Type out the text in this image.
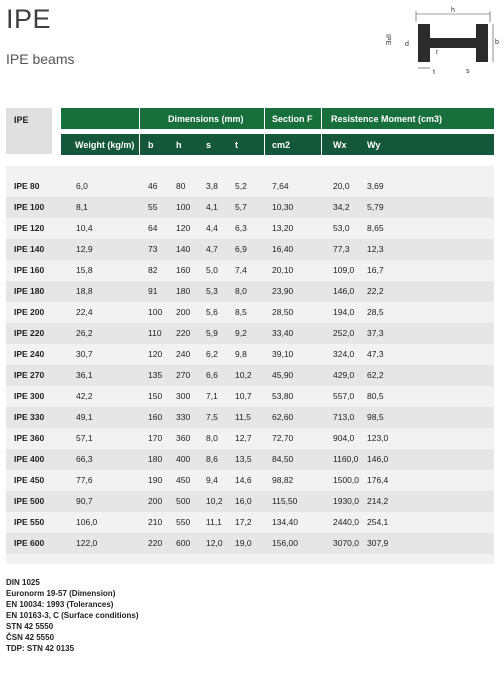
IPE
IPE beams
h
b
d
IPE
t	s
r
IPE	Dimensions (mm)	Section F	Resistence Moment (cm3)
Weight (kg/m)	b	h	s	t	cm2	Wx Wy
IPE 80	6,0	46 80 3,8 5,2	7,64	20,0 3,69
IPE 100	8,1	55 100 4,1 5,7	10,30	34,2 5,79
IPE 120	10,4	64 120 4,4 6,3	13,20	53,0 8,65
IPE 140	12,9	73 140 4,7 6,9	16,40	77,3 12,3
IPE 160	15,8	82 160 5,0 7,4	20,10	109,0 16,7
IPE 180	18,8	91 180 5,3 8,0	23,90	146,0 22,2
IPE 200	22,4	100 200 5,6 8,5	28,50	194,0 28,5
IPE 220	26,2	110 220 5,9 9,2	33,40	252,0 37,3
IPE 240	30,7	120 240 6,2 9,8	39,10	324,0 47,3
IPE 270	36,1	135 270 6,6 10,2 45,90	429,0 62,2
IPE 300	42,2	150 300 7,1 10,7 53,80	557,0 80,5
IPE 330	49,1	160 330 7,5 11,5 62,60	713,0 98,5
IPE 360	57,1	170 360 8,0 12,7 72,70	904,0 123,0
IPE 400	66,3	180 400 8,6 13,5 84,50	1160,0 146,0
IPE 450	77,6	190 450 9,4 14,6 98,82	1500,0 176,4
IPE 500	90,7	200 500 10,2 16,0 115,50	1930,0 214,2
IPE 550	106,0	210 550 11,1 17,2 134,40	2440,0 254,1
IPE 600	122,0	220 600 12,0 19,0 156,00	3070,0 307,9
DIN 1025
Euronorm 19-57 (Dimension)
EN 10034: 1993 (Tolerances)
EN 10163-3, C (Surface conditions)
STN 42 5550
ČSN 42 5550
TDP: STN 42 0135
